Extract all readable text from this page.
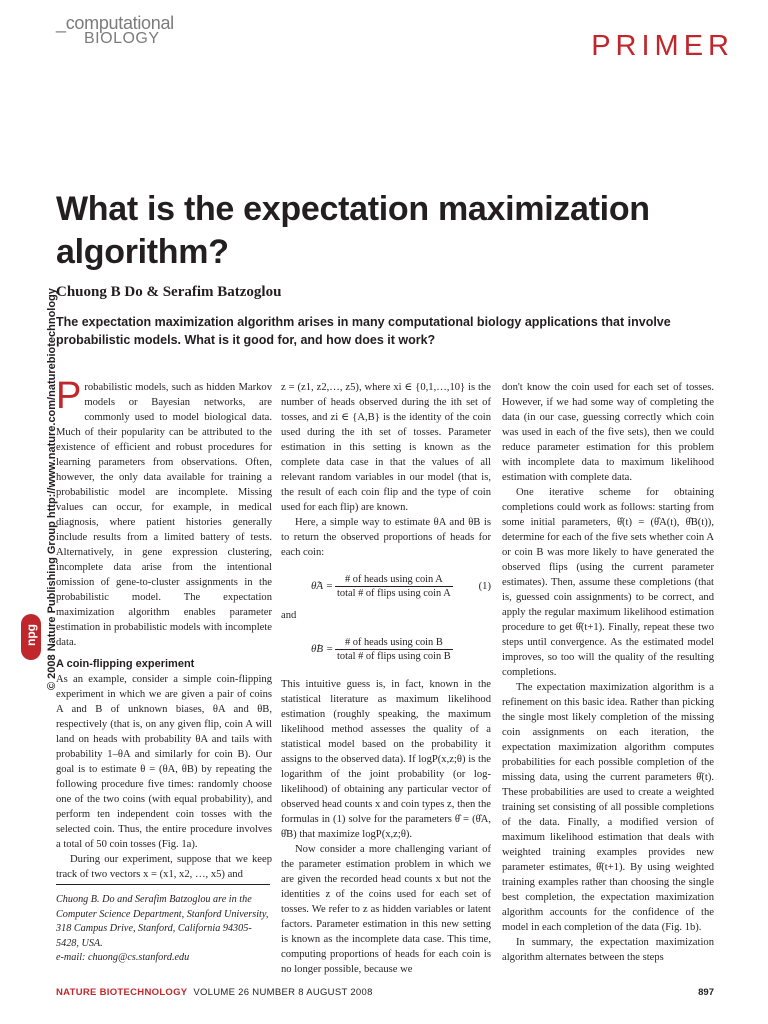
_computational
BIOLOGY	PRIMER
© 2008 Nature Publishing Group http://www.nature.com/naturebiotechnology
npg
What is the expectation maximization algorithm?
Chuong B Do & Serafim Batzoglou
The expectation maximization algorithm arises in many computational biology applications that involve probabilistic models. What is it good for, and how does it work?

Probabilistic models, such as hidden Markov models or Bayesian networks, are commonly used to model biological data. Much of their popularity can be attributed to the existence of efficient and robust procedures for learning parameters from observations. Often, however, the only data available for training a probabilistic model are incomplete. Missing values can occur, for example, in medical diagnosis, where patient histories generally include results from a limited battery of tests. Alternatively, in gene expression clustering, incomplete data arise from the intentional omission of gene-to-cluster assignments in the probabilistic model. The expectation maximization algorithm enables parameter estimation in probabilistic models with incomplete data.

A coin-flipping experiment

As an example, consider a simple coin-flipping experiment in which we are given a pair of coins A and B of unknown biases, θA and θB, respectively (that is, on any given flip, coin A will land on heads with probability θA and tails with probability 1–θA and similarly for coin B). Our goal is to estimate θ = (θA, θB) by repeating the following procedure five times: randomly choose one of the two coins (with equal probability), and perform ten independent coin tosses with the selected coin. Thus, the entire procedure involves a total of 50 coin tosses (Fig. 1a).

During our experiment, suppose that we keep track of two vectors x = (x1, x2, …, x5) and

z = (z1, z2,…, z5), where xi ∈ {0,1,…,10} is the number of heads observed during the ith set of tosses, and zi ∈ {A,B} is the identity of the coin used during the ith set of tosses. Parameter estimation in this setting is known as the complete data case in that the values of all relevant random variables in our model (that is, the result of each coin flip and the type of coin used for each flip) are known.

Here, a simple way to estimate θA and θB is to return the observed proportions of heads for each coin:

θ̂A = $\frac{\text{\# of heads using coin A}}{\text{total \# of flips using coin A}} (1)$
and
θ̂B = $\frac{\text{\# of heads using coin B}}{\text{total \# of flips using coin B}}$

This intuitive guess is, in fact, known in the statistical literature as maximum likelihood estimation (roughly speaking, the maximum likelihood method assesses the quality of a statistical model based on the probability it assigns to the observed data). If logP(x,z;θ) is the logarithm of the joint probability (or log-likelihood) of obtaining any particular vector of observed head counts x and coin types z, then the formulas in (1) solve for the parameters θ̂ = (θ̂A, θ̂B) that maximize logP(x,z;θ).

Now consider a more challenging variant of the parameter estimation problem in which we are given the recorded head counts x but not the identities z of the coins used for each set of tosses. We refer to z as hidden variables or latent factors. Parameter estimation in this new setting is known as the incomplete data case. This time, computing proportions of heads for each coin is no longer possible, because we

don't know the coin used for each set of tosses. However, if we had some way of completing the data (in our case, guessing correctly which coin was used in each of the five sets), then we could reduce parameter estimation for this problem with incomplete data to maximum likelihood estimation with complete data.

One iterative scheme for obtaining completions could work as follows: starting from some initial parameters, θ̂(t) = (θ̂A(t), θ̂B(t)), determine for each of the five sets whether coin A or coin B was more likely to have generated the observed flips (using the current parameter estimates). Then, assume these completions (that is, guessed coin assignments) to be correct, and apply the regular maximum likelihood estimation procedure to get θ̂(t+1). Finally, repeat these two steps until convergence. As the estimated model improves, so too will the quality of the resulting completions.

The expectation maximization algorithm is a refinement on this basic idea. Rather than picking the single most likely completion of the missing coin assignments on each iteration, the expectation maximization algorithm computes probabilities for each possible completion of the missing data, using the current parameters θ̂(t). These probabilities are used to create a weighted training set consisting of all possible completions of the data. Finally, a modified version of maximum likelihood estimation that deals with weighted training examples provides new parameter estimates, θ̂(t+1). By using weighted training examples rather than choosing the single best completion, the expectation maximization algorithm accounts for the confidence of the model in each completion of the data (Fig. 1b).

In summary, the expectation maximization algorithm alternates between the steps

Chuong B. Do and Serafim Batzoglou are in the Computer Science Department, Stanford University, 318 Campus Drive, Stanford, California 94305-5428, USA.
e-mail: chuong@cs.stanford.edu
NATURE BIOTECHNOLOGY VOLUME 26 NUMBER 8 AUGUST 2008	897
